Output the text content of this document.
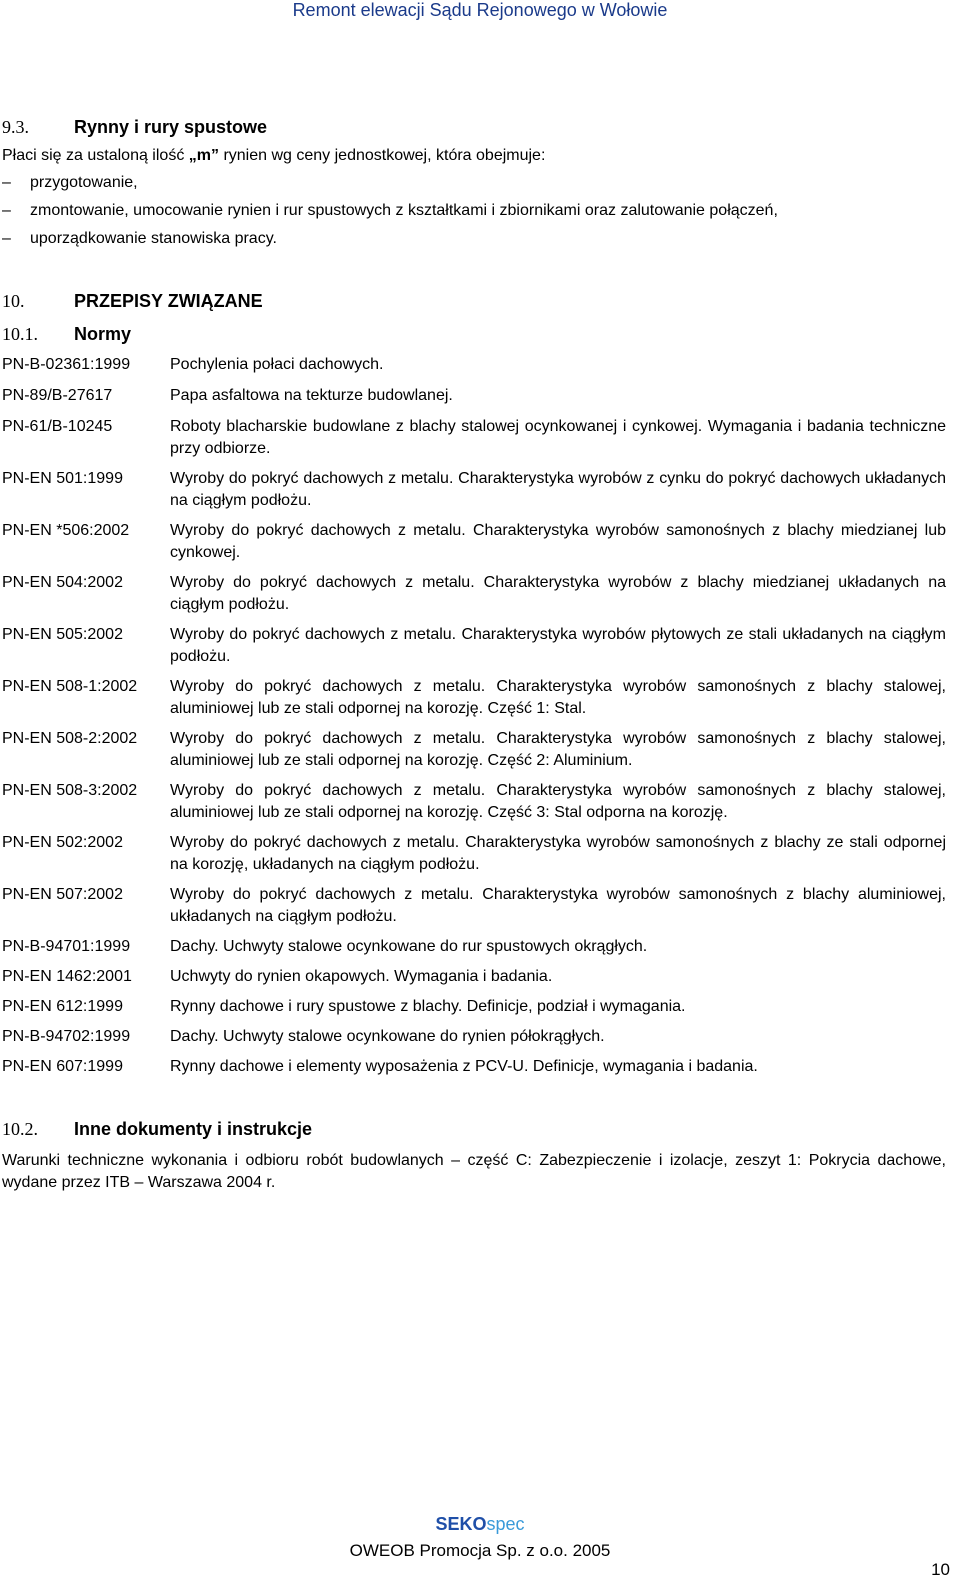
Remont elewacji Sądu Rejonowego w Wołowie
9.3.	Rynny i rury spustowe

Płaci się za ustaloną ilość „m” rynien wg ceny jednostkowej, która obejmuje:

– przygotowanie,
– zmontowanie, umocowanie rynien i rur spustowych z kształtkami i zbiornikami oraz zalutowanie połączeń,
– uporządkowanie stanowiska pracy.
10.	PRZEPISY ZWIĄZANE
10.1.	Normy
PN-B-02361:1999	Pochylenia połaci dachowych.
PN-89/B-27617	Papa asfaltowa na tekturze budowlanej.
PN-61/B-10245	Roboty blacharskie budowlane z blachy stalowej ocynkowanej i cynkowej. Wymagania i badania techniczne przy odbiorze.
PN-EN 501:1999	Wyroby do pokryć dachowych z metalu. Charakterystyka wyrobów z cynku do pokryć dachowych układanych na ciągłym podłożu.
PN-EN *506:2002	Wyroby do pokryć dachowych z metalu. Charakterystyka wyrobów samonośnych z blachy miedzianej lub cynkowej.
PN-EN 504:2002	Wyroby do pokryć dachowych z metalu. Charakterystyka wyrobów z blachy miedzianej układanych na ciągłym podłożu.
PN-EN 505:2002	Wyroby do pokryć dachowych z metalu. Charakterystyka wyrobów płytowych ze stali układanych na ciągłym podłożu.
PN-EN 508-1:2002	Wyroby do pokryć dachowych z metalu. Charakterystyka wyrobów samonośnych z blachy stalowej, aluminiowej lub ze stali odpornej na korozję. Część 1: Stal.
PN-EN 508-2:2002	Wyroby do pokryć dachowych z metalu. Charakterystyka wyrobów samonośnych z blachy stalowej, aluminiowej lub ze stali odpornej na korozję. Część 2: Aluminium.
PN-EN 508-3:2002	Wyroby do pokryć dachowych z metalu. Charakterystyka wyrobów samonośnych z blachy stalowej, aluminiowej lub ze stali odpornej na korozję. Część 3: Stal odporna na korozję.
PN-EN 502:2002	Wyroby do pokryć dachowych z metalu. Charakterystyka wyrobów samonośnych z blachy ze stali odpornej na korozję, układanych na ciągłym podłożu.
PN-EN 507:2002	Wyroby do pokryć dachowych z metalu. Charakterystyka wyrobów samonośnych z blachy aluminiowej, układanych na ciągłym podłożu.
PN-B-94701:1999	Dachy. Uchwyty stalowe ocynkowane do rur spustowych okrągłych.
PN-EN 1462:2001	Uchwyty do rynien okapowych. Wymagania i badania.
PN-EN 612:1999	Rynny dachowe i rury spustowe z blachy. Definicje, podział i wymagania.
PN-B-94702:1999	Dachy. Uchwyty stalowe ocynkowane do rynien półokrągłych.
PN-EN 607:1999	Rynny dachowe i elementy wyposażenia z PCV-U. Definicje, wymagania i badania.
10.2.	Inne dokumenty i instrukcje

Warunki techniczne wykonania i odbioru robót budowlanych – część C: Zabezpieczenie i izolacje, zeszyt 1: Pokrycia dachowe, wydane przez ITB – Warszawa 2004 r.

SEKOspec
OWEOB Promocja Sp. z o.o. 2005
10
